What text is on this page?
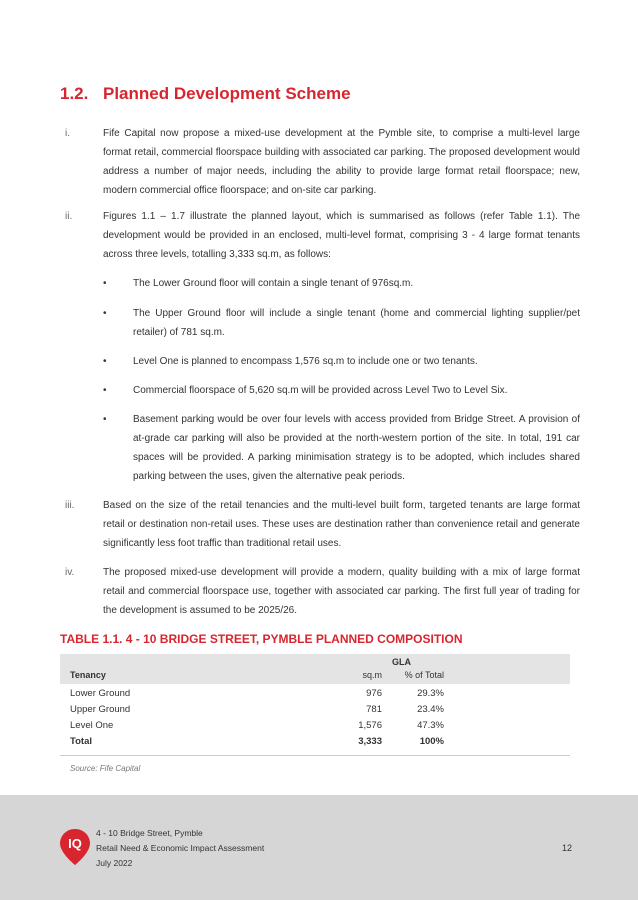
1.2. Planned Development Scheme
i.	Fife Capital now propose a mixed-use development at the Pymble site, to comprise a multi-level large format retail, commercial floorspace building with associated car parking. The proposed development would address a number of major needs, including the ability to provide large format retail floorspace; new, modern commercial office floorspace; and on-site car parking.
ii.	Figures 1.1 – 1.7 illustrate the planned layout, which is summarised as follows (refer Table 1.1). The development would be provided in an enclosed, multi-level format, comprising 3 - 4 large format tenants across three levels, totalling 3,333 sq.m, as follows:
•	The Lower Ground floor will contain a single tenant of 976sq.m.
•	The Upper Ground floor will include a single tenant (home and commercial lighting supplier/pet retailer) of 781 sq.m.
•	Level One is planned to encompass 1,576 sq.m to include one or two tenants.
•	Commercial floorspace of 5,620 sq.m will be provided across Level Two to Level Six.
•	Basement parking would be over four levels with access provided from Bridge Street. A provision of at-grade car parking will also be provided at the north-western portion of the site. In total, 191 car spaces will be provided. A parking minimisation strategy is to be adopted, which includes shared parking between the uses, given the alternative peak periods.
iii.	Based on the size of the retail tenancies and the multi-level built form, targeted tenants are large format retail or destination non-retail uses. These uses are destination rather than convenience retail and generate significantly less foot traffic than traditional retail uses.
iv.	The proposed mixed-use development will provide a modern, quality building with a mix of large format retail and commercial floorspace use, together with associated car parking. The first full year of trading for the development is assumed to be 2025/26.
TABLE 1.1. 4 - 10 BRIDGE STREET, PYMBLE PLANNED COMPOSITION
GLA
Tenancy	sq.m	% of Total
Lower Ground	976	29.3%
Upper Ground	781	23.4%
Level One	1,576	47.3%
Total	3,333	100%
Source: Fife Capital
IQ
4 - 10 Bridge Street, Pymble
Retail Need & Economic Impact Assessment
July 2022
12
